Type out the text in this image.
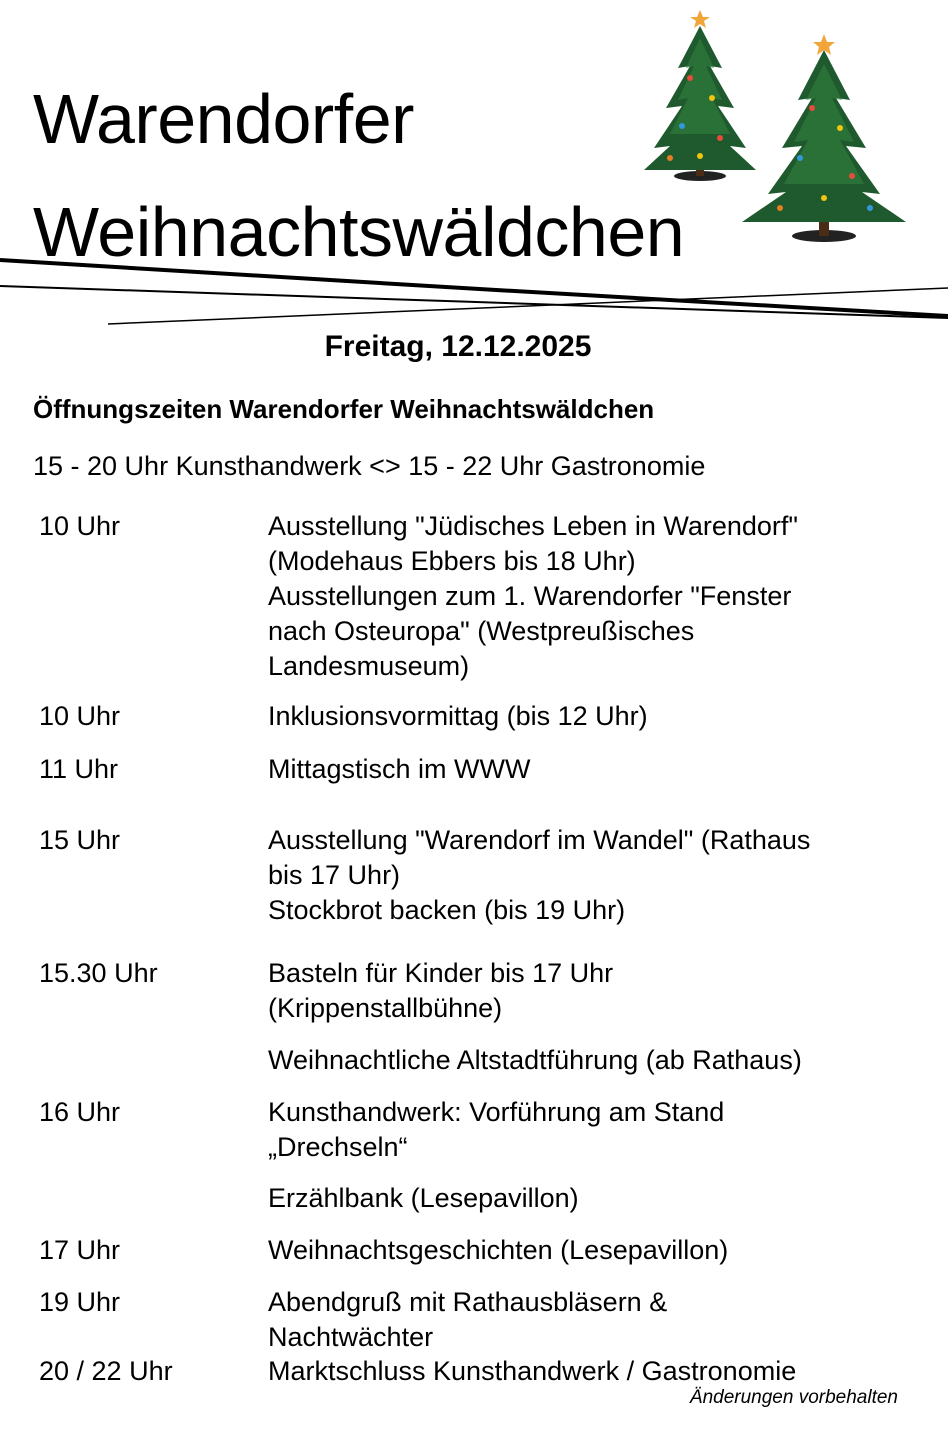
Warendorfer
Weihnachtswäldchen
Freitag, 12.12.2025
Öffnungszeiten Warendorfer Weihnachtswäldchen
15 - 20 Uhr Kunsthandwerk <> 15 - 22 Uhr Gastronomie
10 Uhr	Ausstellung "Jüdisches Leben in Warendorf"
(Modehaus Ebbers bis 18 Uhr)
Ausstellungen zum 1. Warendorfer "Fenster
nach Osteuropa" (Westpreußisches
Landesmuseum)
10 Uhr	Inklusionsvormittag (bis 12 Uhr)
11 Uhr	Mittagstisch im WWW
15 Uhr	Ausstellung "Warendorf im Wandel" (Rathaus
bis 17 Uhr)
Stockbrot backen (bis 19 Uhr)
15.30 Uhr	Basteln für Kinder bis 17 Uhr
(Krippenstallbühne)
Weihnachtliche Altstadtführung (ab Rathaus)
16 Uhr	Kunsthandwerk: Vorführung am Stand
„Drechseln“
Erzählbank (Lesepavillon)
17 Uhr	Weihnachtsgeschichten (Lesepavillon)
19 Uhr	Abendgruß mit Rathausbläsern &
Nachtwächter
20 / 22 Uhr	Marktschluss Kunsthandwerk / Gastronomie
Änderungen vorbehalten
